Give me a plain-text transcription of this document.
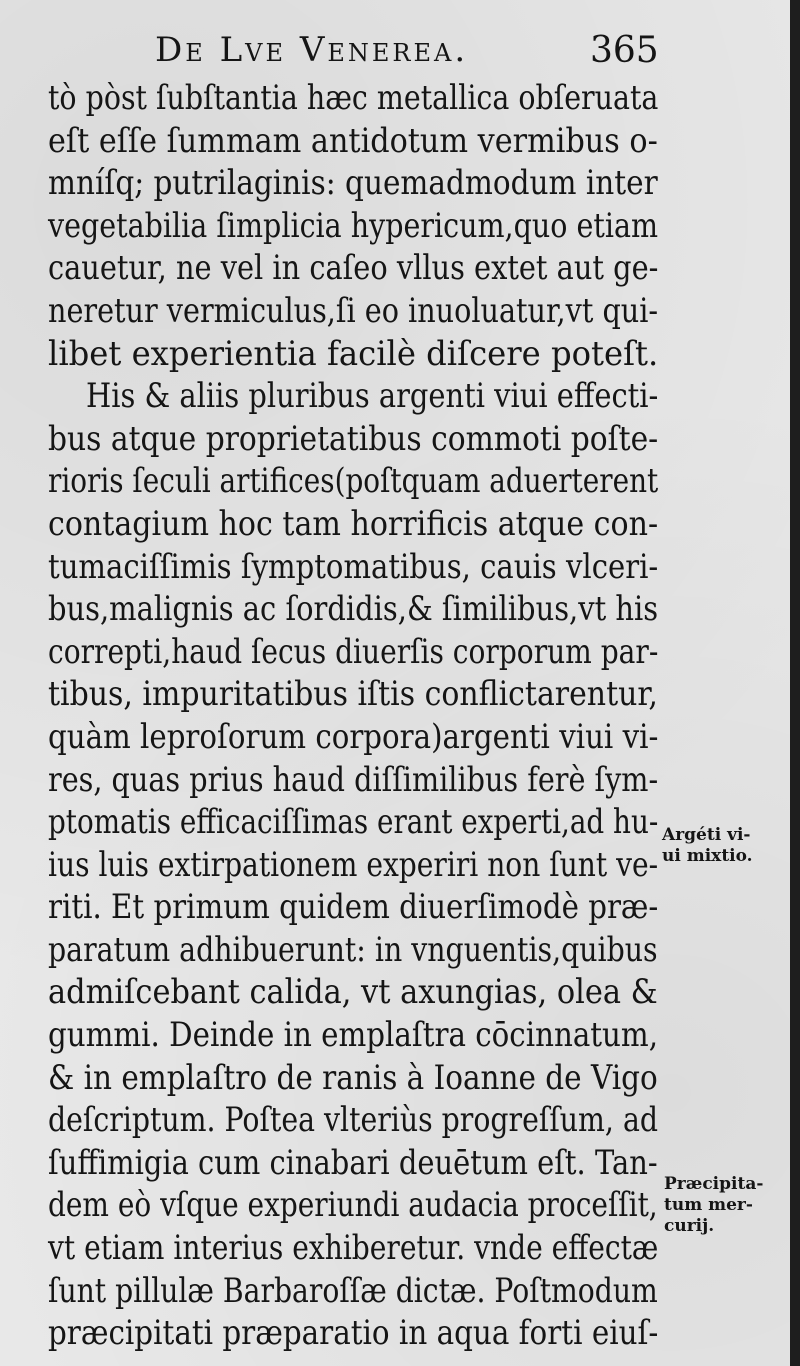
De Lve Venerea.	365
tò pòst ſubſtantia hæc metallica obſeruata
eſt eſſe ſummam antidotum vermibus o-
mníſq; putrilaginis: quemadmodum inter
vegetabilia ſimplicia hypericum,quo etiam
cauetur, ne vel in caſeo vllus extet aut ge-
neretur vermiculus,ſi eo inuoluatur,vt qui-
libet experientia facilè diſcere poteſt.
His & aliis pluribus argenti viui effecti-
bus atque proprietatibus commoti poſte-
rioris ſeculi artifices(poſtquam aduerterent
contagium hoc tam horrificis atque con-
tumaciſſimis ſymptomatibus, cauis vlceri-
bus,malignis ac ſordidis,& ſimilibus,vt his
correpti,haud ſecus diuerſis corporum par-
tibus, impuritatibus iſtis conflictarentur,
quàm leproſorum corpora)argenti viui vi-
res, quas prius haud diſſimilibus ferè ſym-
ptomatis efficaciſſimas erant experti,ad hu-
ius luis extirpationem experiri non ſunt ve-
riti. Et primum quidem diuerſimodè præ-
paratum adhibuerunt: in vnguentis,quibus
admiſcebant calida, vt axungias, olea &
gummi. Deinde in emplaſtra cōcinnatum,
& in emplaſtro de ranis à Ioanne de Vigo
deſcriptum. Poſtea vlteriùs progreſſum, ad
ſuffimigia cum cinabari deuētum eſt. Tan-
dem eò vſque experiundi audacia proceſſit,
vt etiam interius exhiberetur. vnde effectæ
ſunt pillulæ Barbaroſſæ dictæ. Poſtmodum
præcipitati præparatio in aqua forti eiuſ-
Argéti vi-
ui mixtio.
Præcipita-
tum mer-
curij.
